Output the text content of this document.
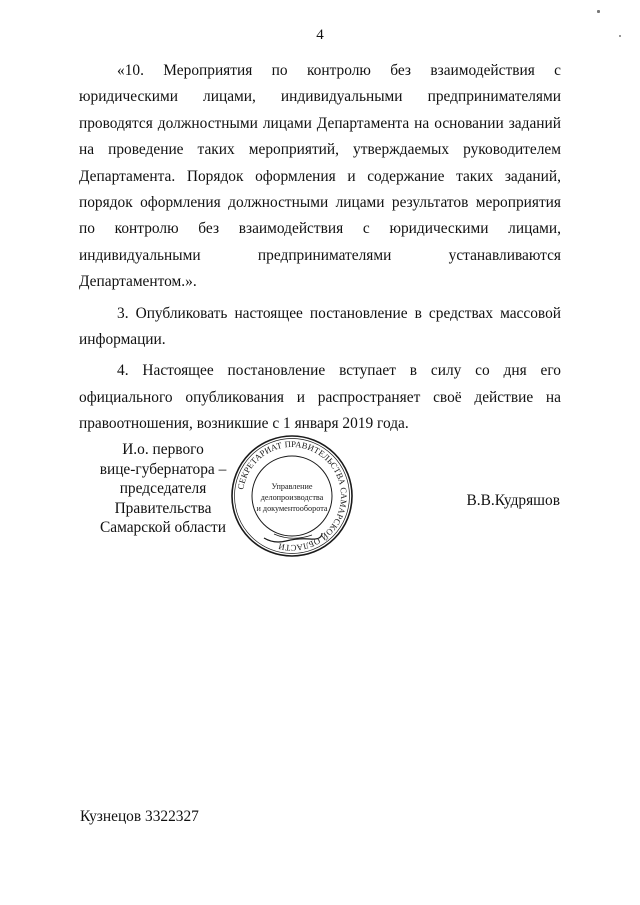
4

«10. Мероприятия по контролю без взаимодействия с юридическими лицами, индивидуальными предпринимателями проводятся должностными лицами Департамента на основании заданий на проведение таких мероприятий, утверждаемых руководителем Департамента. Порядок оформления и содержание таких заданий, порядок оформления должностными лицами результатов мероприятия по контролю без взаимодействия с юридическими лицами, индивидуальными предпринимателями устанавливаются Департаментом.».

3. Опубликовать настоящее постановление в средствах массовой информации.

4. Настоящее постановление вступает в силу со дня его официального опубликования и распространяет своё действие на правоотношения, возникшие с 1 января 2019 года.

И.о. первого
вице-губернатора –
председателя Правительства
Самарской области
СЕКРЕТАРИАТ ПРАВИТЕЛЬСТВА САМАРСКОЙ ОБЛАСТИ
Управление
делопроизводства
и документооборота	В.В.Кудряшов
Кузнецов 3322327
